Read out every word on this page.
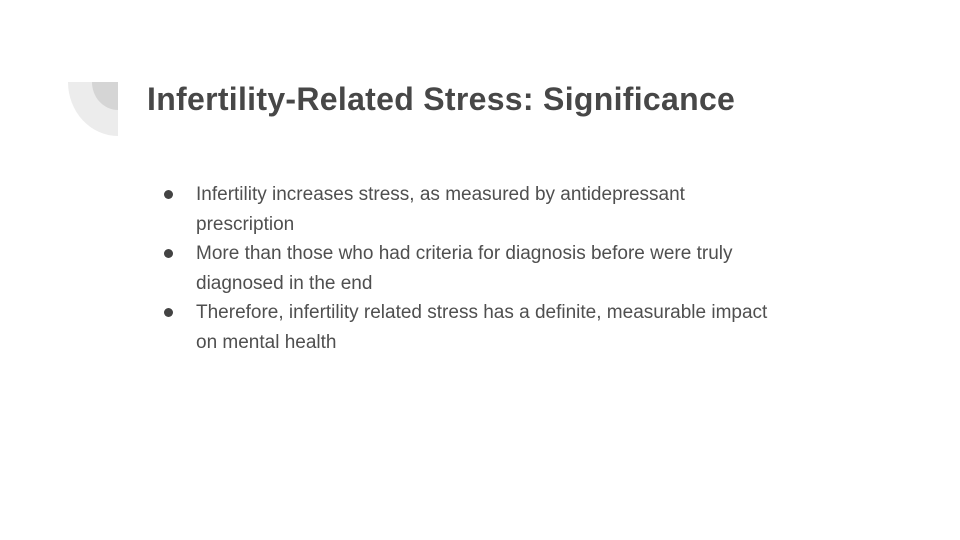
Infertility-Related Stress: Significance
Infertility increases stress, as measured by antidepressant
prescription
More than those who had criteria for diagnosis before were truly
diagnosed in the end
Therefore, infertility related stress has a definite, measurable impact
on mental health
